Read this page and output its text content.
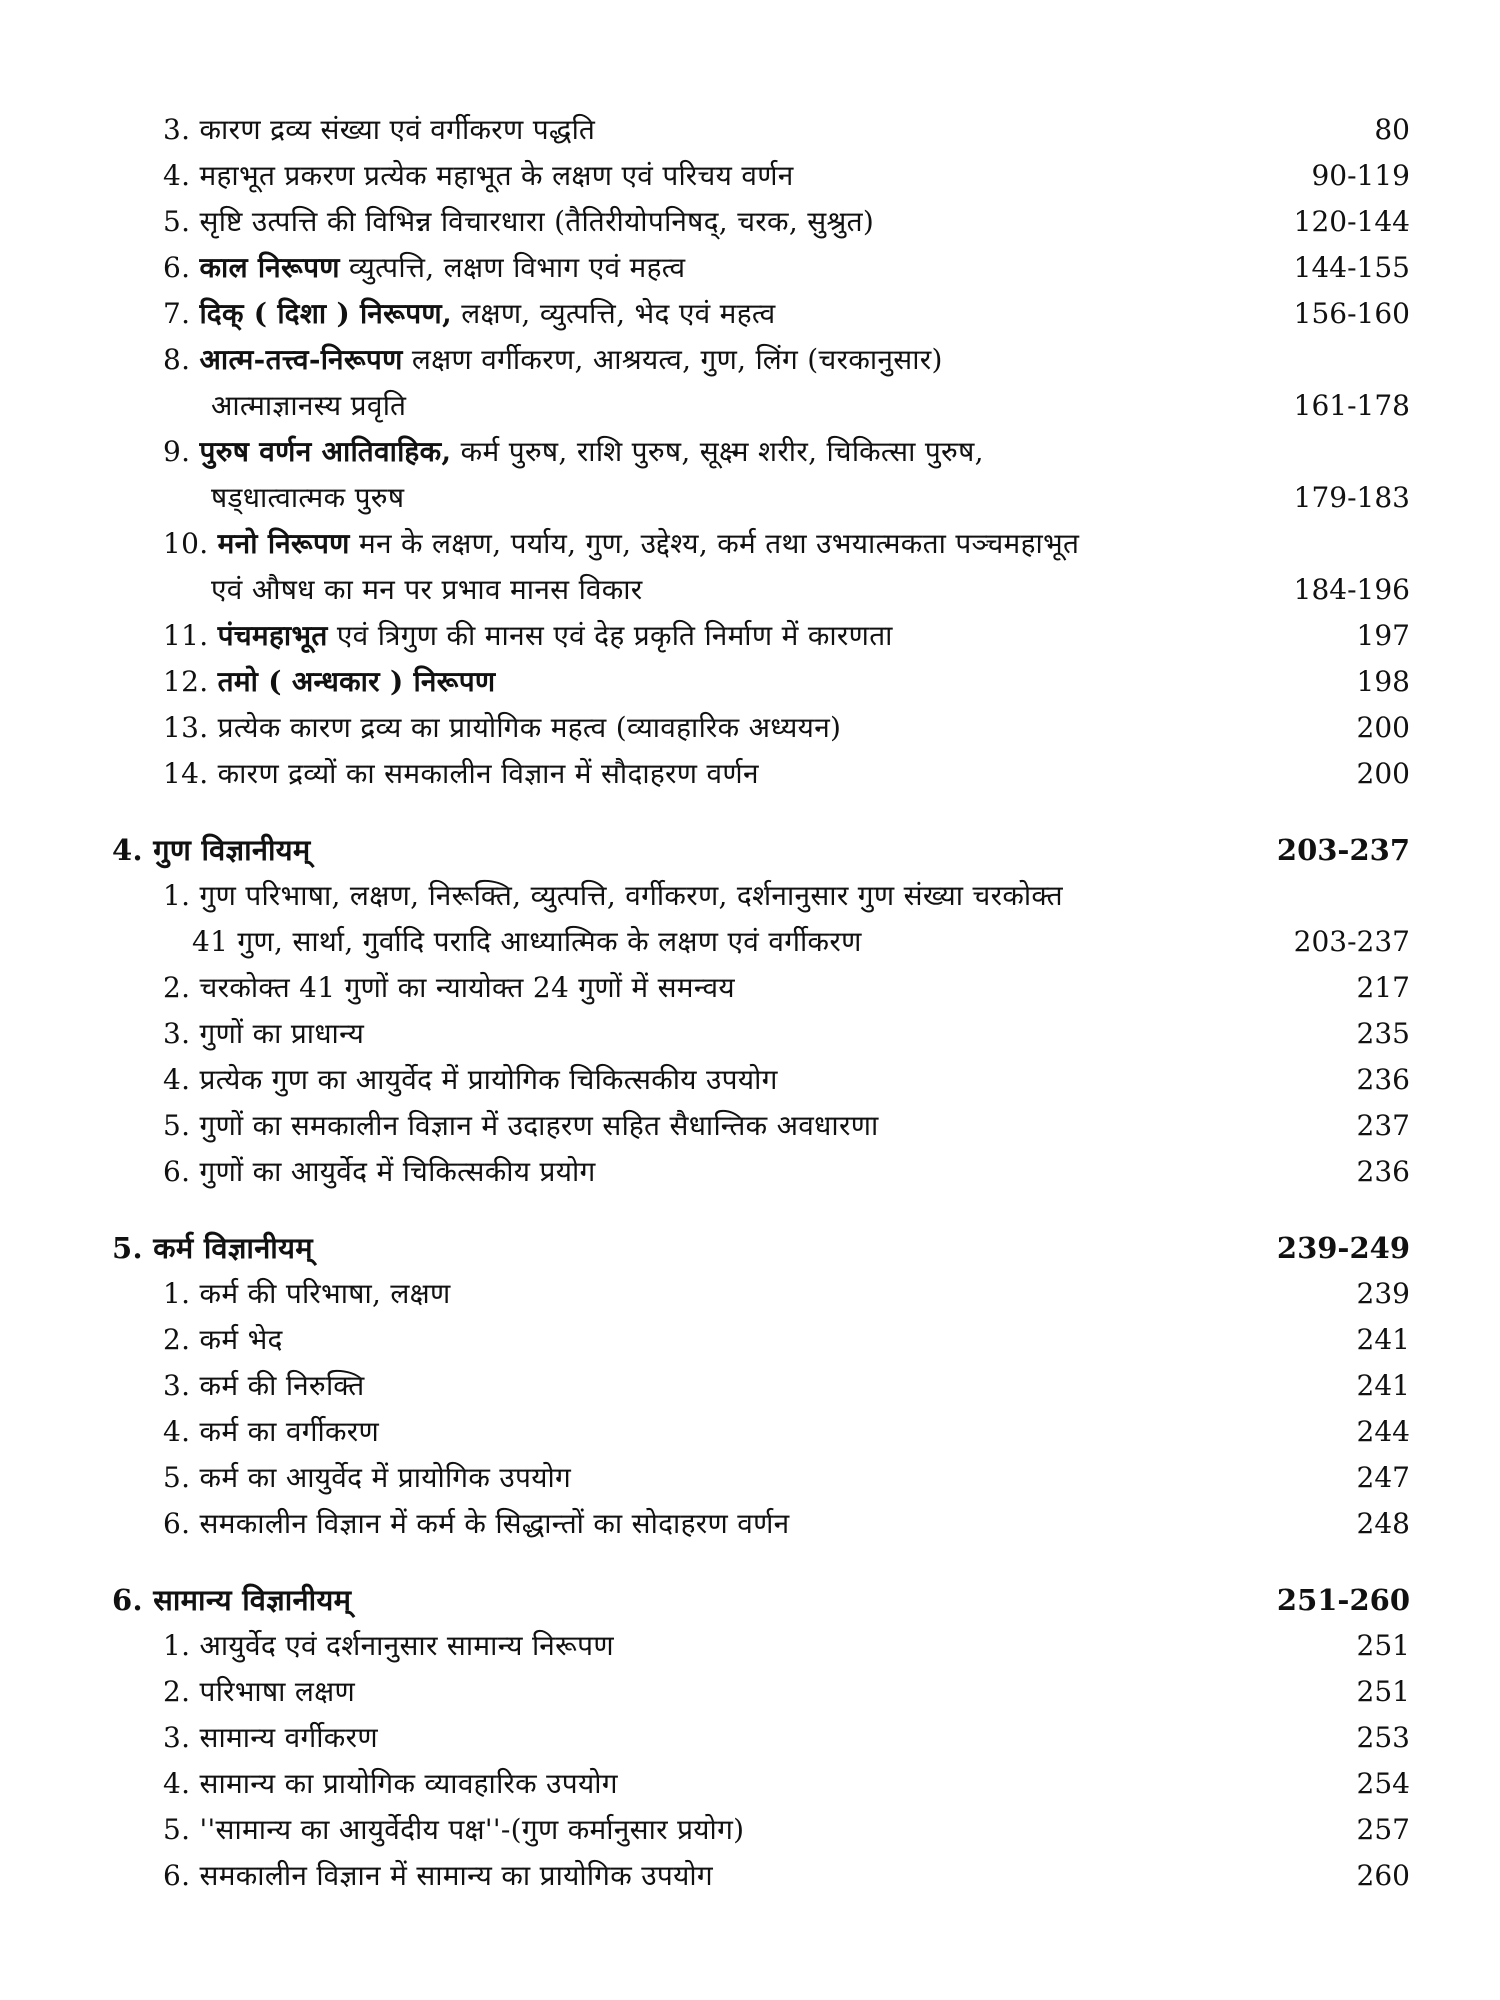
3. कारण द्रव्य संख्या एवं वर्गीकरण पद्धति	80
4. महाभूत प्रकरण प्रत्येक महाभूत के लक्षण एवं परिचय वर्णन	90-119
5. सृष्टि उत्पत्ति की विभिन्न विचारधारा (तैतिरीयोपनिषद्, चरक, सुश्रुत)	120-144
6. काल निरूपण व्युत्पत्ति, लक्षण विभाग एवं महत्व	144-155
7. दिक् ( दिशा ) निरूपण, लक्षण, व्युत्पत्ति, भेद एवं महत्व	156-160
8. आत्म-तत्त्व-निरूपण लक्षण वर्गीकरण, आश्रयत्व, गुण, लिंग (चरकानुसार)
आत्माज्ञानस्य प्रवृति	161-178
9. पुरुष वर्णन आतिवाहिक, कर्म पुरुष, राशि पुरुष, सूक्ष्म शरीर, चिकित्सा पुरुष,
षड्धात्वात्मक पुरुष	179-183
10. मनो निरूपण मन के लक्षण, पर्याय, गुण, उद्देश्य, कर्म तथा उभयात्मकता पञ्चमहाभूत
एवं औषध का मन पर प्रभाव मानस विकार	184-196
11. पंचमहाभूत एवं त्रिगुण की मानस एवं देह प्रकृति निर्माण में कारणता	197
12. तमो ( अन्धकार ) निरूपण	198
13. प्रत्येक कारण द्रव्य का प्रायोगिक महत्व (व्यावहारिक अध्ययन)	200
14. कारण द्रव्यों का समकालीन विज्ञान में सौदाहरण वर्णन	200
4. गुण विज्ञानीयम्	203-237
1. गुण परिभाषा, लक्षण, निरूक्ति, व्युत्पत्ति, वर्गीकरण, दर्शनानुसार गुण संख्या चरकोक्त
41 गुण, सार्था, गुर्वादि परादि आध्यात्मिक के लक्षण एवं वर्गीकरण	203-237
2. चरकोक्त 41 गुणों का न्यायोक्त 24 गुणों में समन्वय	217
3. गुणों का प्राधान्य	235
4. प्रत्येक गुण का आयुर्वेद में प्रायोगिक चिकित्सकीय उपयोग	236
5. गुणों का समकालीन विज्ञान में उदाहरण सहित सैधान्तिक अवधारणा	237
6. गुणों का आयुर्वेद में चिकित्सकीय प्रयोग	236
5. कर्म विज्ञानीयम्	239-249
1. कर्म की परिभाषा, लक्षण	239
2. कर्म भेद	241
3. कर्म की निरुक्ति	241
4. कर्म का वर्गीकरण	244
5. कर्म का आयुर्वेद में प्रायोगिक उपयोग	247
6. समकालीन विज्ञान में कर्म के सिद्धान्तों का सोदाहरण वर्णन	248
6. सामान्य विज्ञानीयम्	251-260
1. आयुर्वेद एवं दर्शनानुसार सामान्य निरूपण	251
2. परिभाषा लक्षण	251
3. सामान्य वर्गीकरण	253
4. सामान्य का प्रायोगिक व्यावहारिक उपयोग	254
5. ''सामान्य का आयुर्वेदीय पक्ष''-(गुण कर्मानुसार प्रयोग)	257
6. समकालीन विज्ञान में सामान्य का प्रायोगिक उपयोग	260
